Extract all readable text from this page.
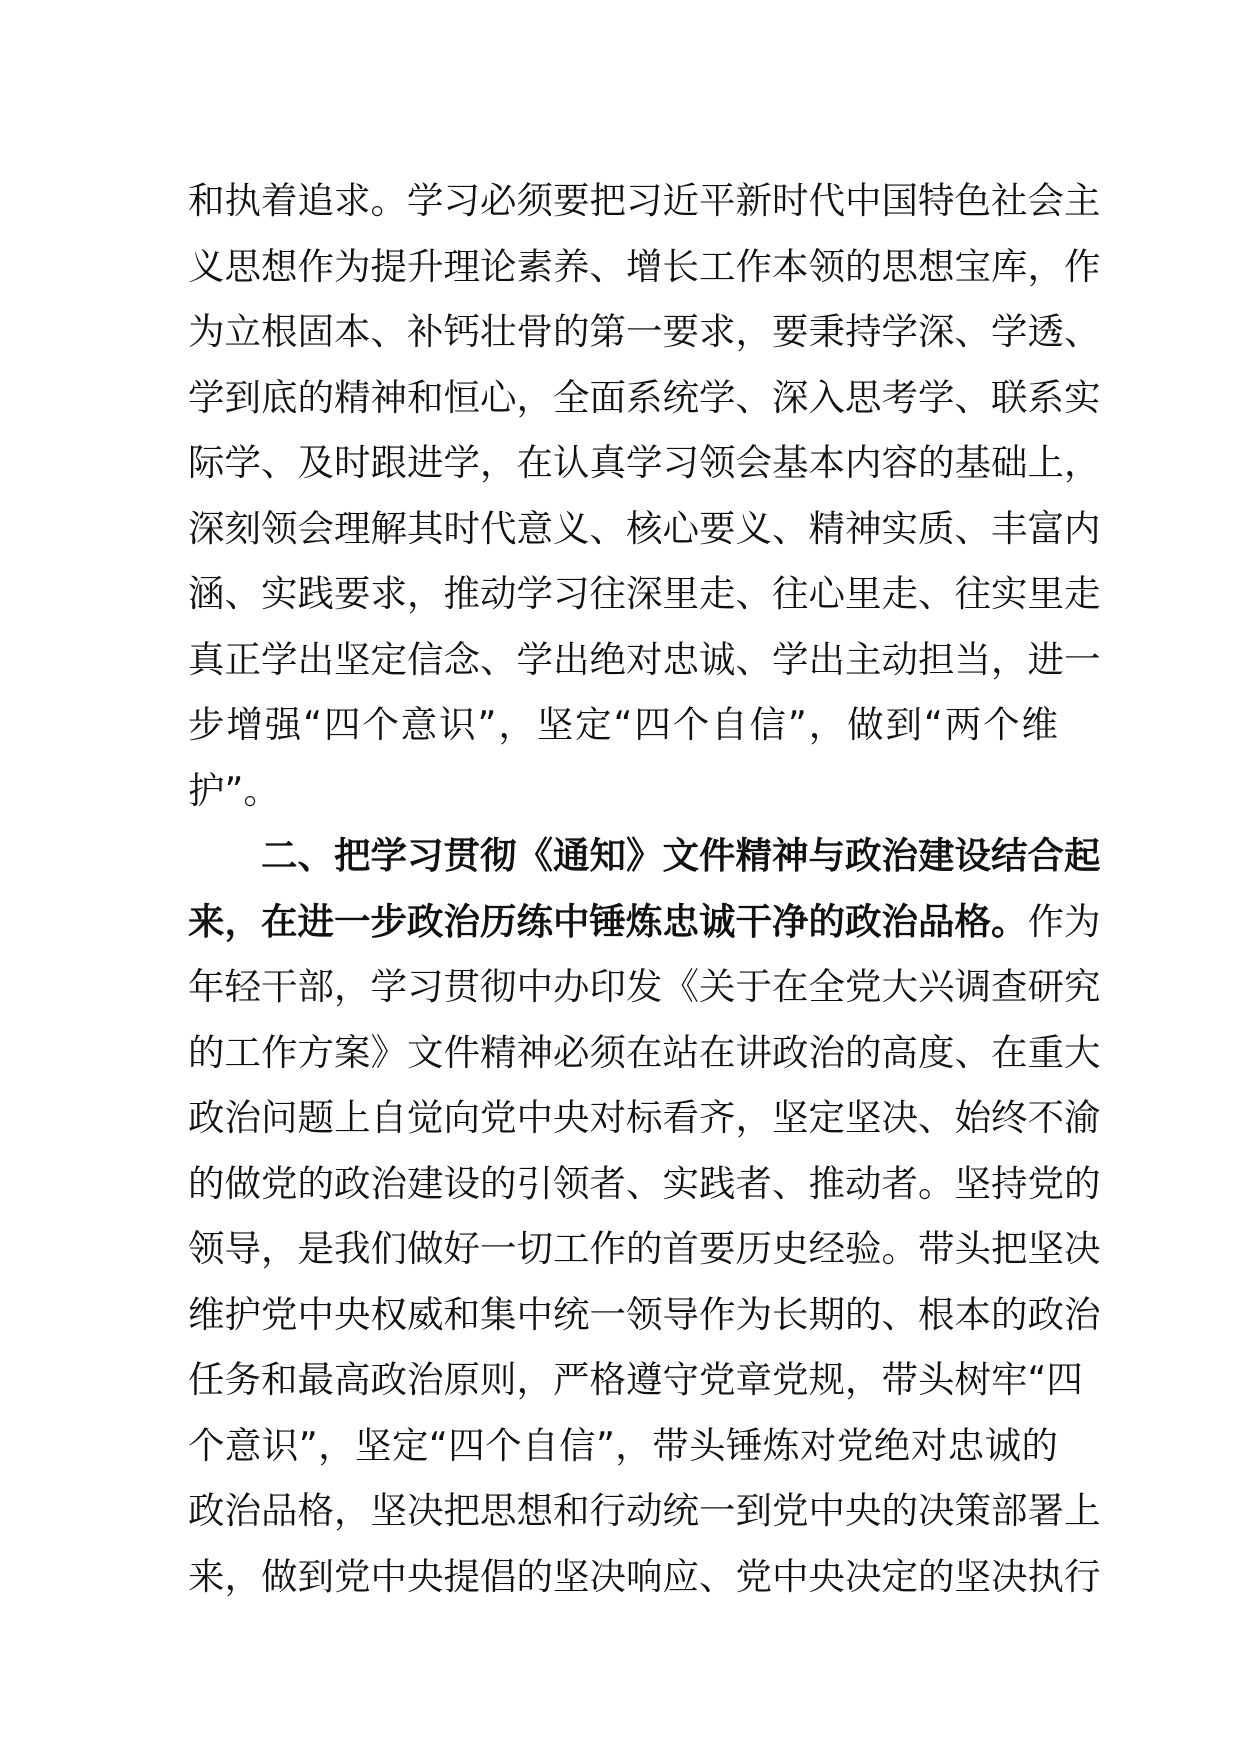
和执着追求。学习必须要把习近平新时代中国特色社会主
义思想作为提升理论素养、增长工作本领的思想宝库，作
为立根固本、补钙壮骨的第一要求，要秉持学深、学透、
学到底的精神和恒心，全面系统学、深入思考学、联系实
际学、及时跟进学，在认真学习领会基本内容的基础上，
深刻领会理解其时代意义、核心要义、精神实质、丰富内
涵、实践要求，推动学习往深里走、往心里走、往实里走
真正学出坚定信念、学出绝对忠诚、学出主动担当，进一
步增强“四个意识”，坚定“四个自信”，做到“两个维
护”。
二、把学习贯彻《通知》文件精神与政治建设结合起
来，在进一步政治历练中锤炼忠诚干净的政治品格。作为
年轻干部，学习贯彻中办印发《关于在全党大兴调查研究
的工作方案》文件精神必须在站在讲政治的高度、在重大
政治问题上自觉向党中央对标看齐，坚定坚决、始终不渝
的做党的政治建设的引领者、实践者、推动者。坚持党的
领导，是我们做好一切工作的首要历史经验。带头把坚决
维护党中央权威和集中统一领导作为长期的、根本的政治
任务和最高政治原则，严格遵守党章党规，带头树牢“四
个意识”，坚定“四个自信”，带头锤炼对党绝对忠诚的
政治品格，坚决把思想和行动统一到党中央的决策部署上
来，做到党中央提倡的坚决响应、党中央决定的坚决执行
